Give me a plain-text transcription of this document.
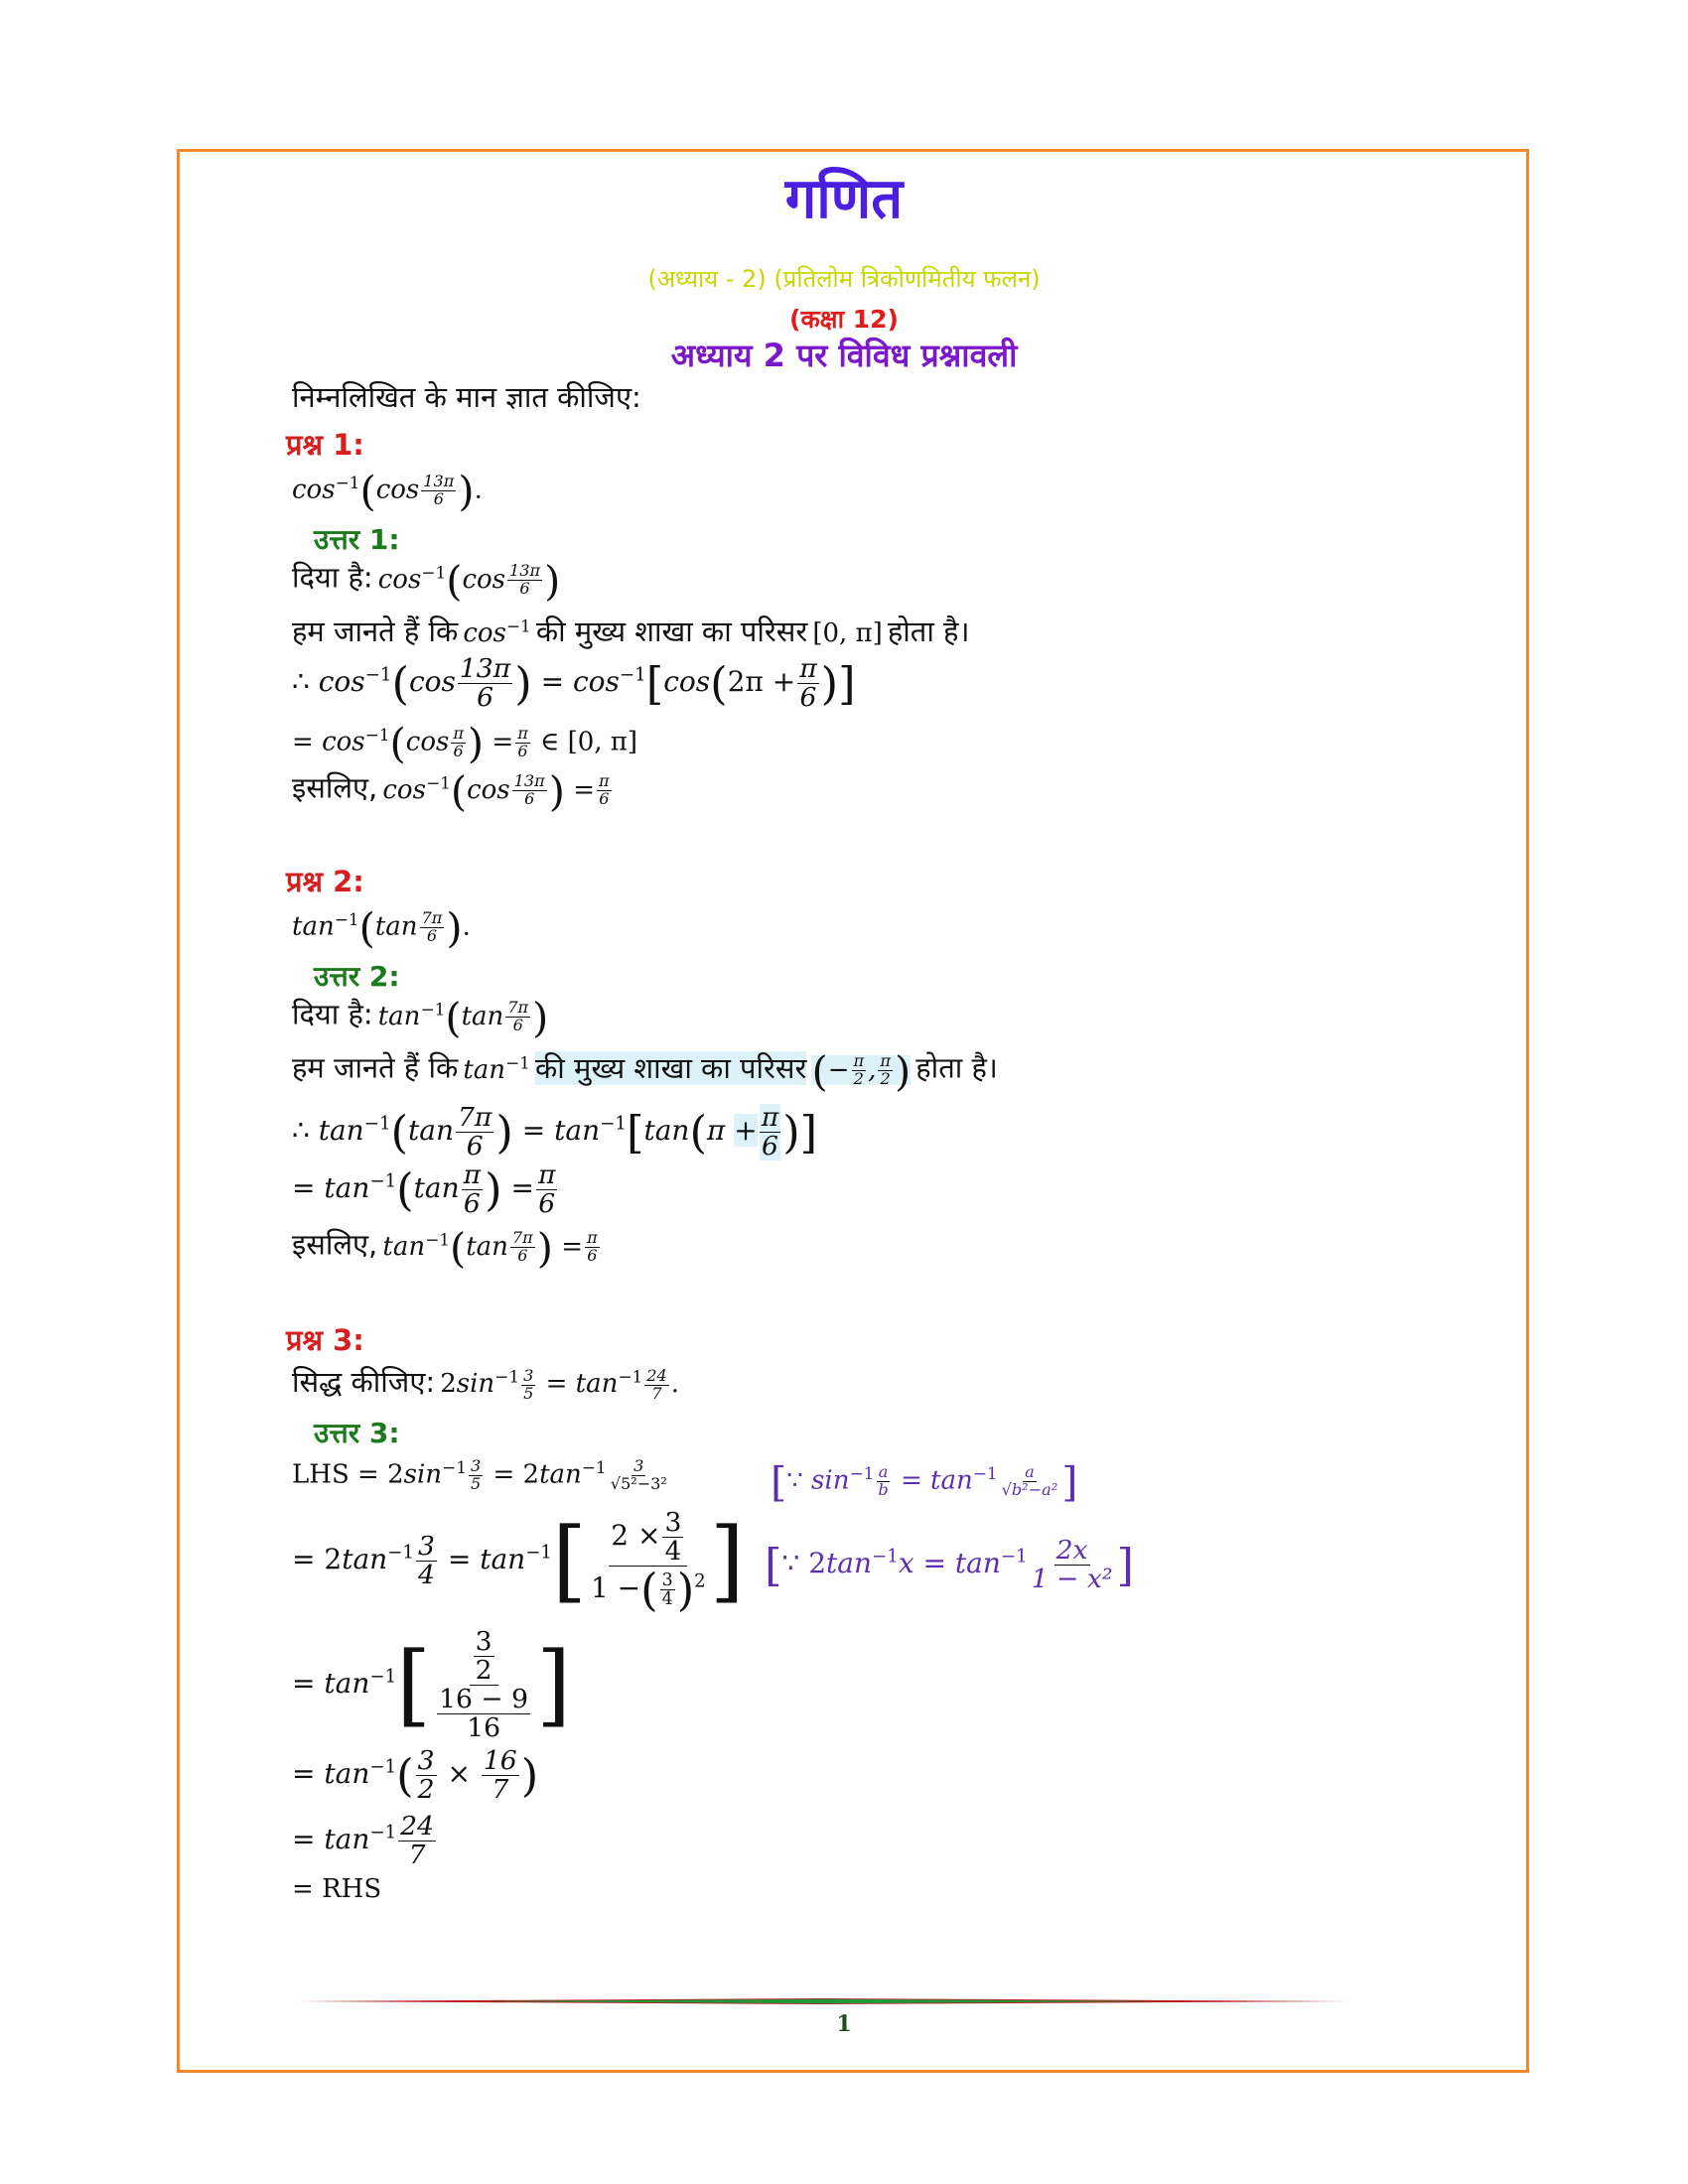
गणित
(अध्याय - 2) (प्रतिलोम त्रिकोणमितीय फलन)
(कक्षा 12)
अध्याय 2 पर विविध प्रश्नावली
निम्नलिखित के मान ज्ञात कीजिए:
प्रश्न 1:
$\cos^{-1}(\cos \frac{13\pi}{6}$ ).
उत्तर 1:
दिया है: $\cos^{-1}(\cos \frac{13\pi}{6}$ )
हम जानते हैं कि $\cos^{-1}$ की मुख्य शाखा का परिसर [0, π] होता है।
∴ $\cos^{-1}(\cos \frac{13\pi}{6}$ ) = $\cos^{-1}[\cos(2\pi + \frac{\pi}{6}$ )]
= $\cos^{-1}(\cos \frac{\pi}{6}$ ) = $\frac{\pi}{6}$ ∈ [0, π]
इसलिए, $\cos^{-1}(\cos \frac{13\pi}{6}$ ) = $\frac{\pi}{6}$
प्रश्न 2:
$\tan^{-1}(\tan \frac{7\pi}{6}$ ).
उत्तर 2:
दिया है: $\tan^{-1}(\tan \frac{7\pi}{6}$ )
हम जानते हैं कि $\tan^{-1}$ की मुख्य शाखा का परिसर (− $\frac{\pi}{2}$ , $\frac{\pi}{2}$ ) होता है।
∴ $\tan^{-1}(\tan \frac{7\pi}{6}$ ) = $\tan^{-1}[\tan(\pi + \frac{\pi}{6}$ )]
= $\tan^{-1}(\tan \frac{\pi}{6}$ ) = $\frac{\pi}{6}$
इसलिए, $\tan^{-1}(\tan \frac{7\pi}{6}$ ) = $\frac{\pi}{6}$
प्रश्न 3:
सिद्ध कीजिए: $2\sin^{-1} \frac{3}{5} = \tan^{-1} \frac{24}{7}$ .
उत्तर 3:
LHS = $2\sin^{-1} \frac{3}{5} = 2\tan^{-1} \frac{3}{\text{√5²−3²}}$ [∵ $\sin^{-1} \frac{a}{b} = \tan^{-1} \frac{a}{\text{√b²−a²}}$ ]
= $2\tan^{-1} \frac{3}{4} = \tan^{-1}[ \frac{2 \times \frac{3}{4}}{1 -( \frac{3}{4} )^2}$ ] [∵ $2\tan^{-1}x = \tan^{-1} \frac{2x}{\text{1 − x²}}$ ]
= $\tan^{-1}[ \frac{\frac{3}{2}}{\frac{16 - 9}{16}}$ ]
= $\tan^{-1}( \frac{3}{2} \times \frac{16}{7}$ )
= $\tan^{-1} \frac{24}{7}$
= RHS
1
